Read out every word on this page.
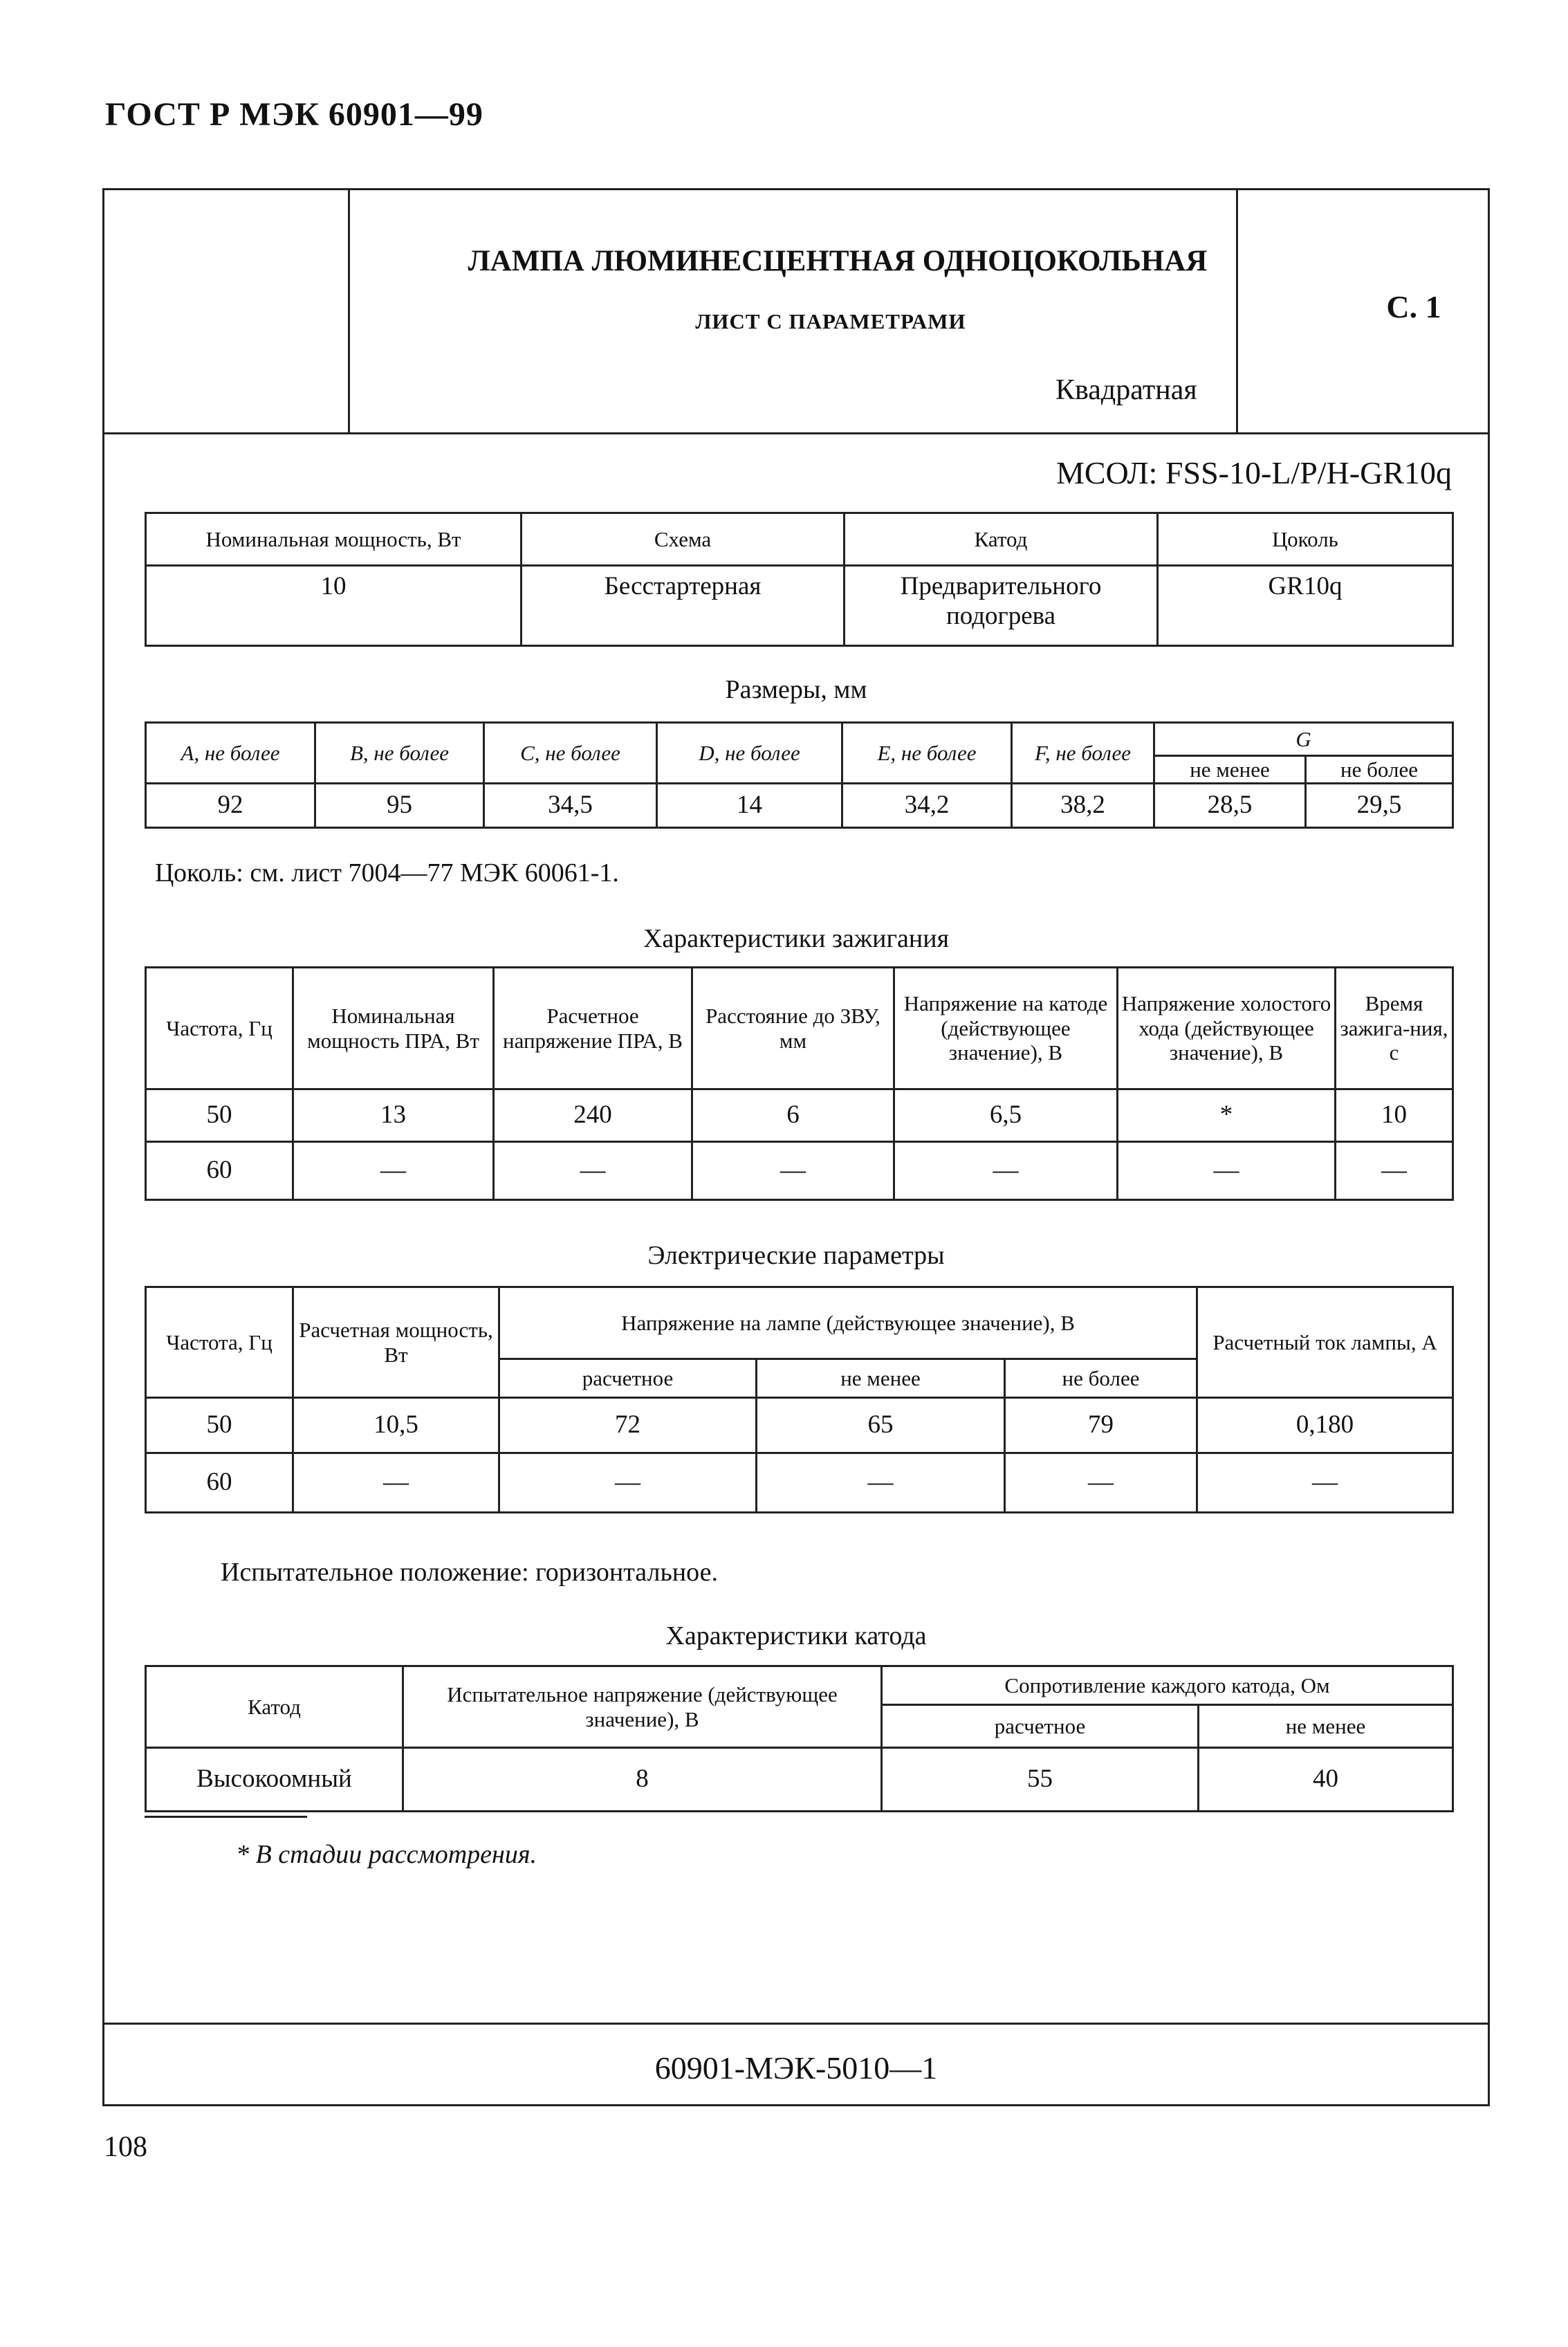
ГОСТ Р МЭК 60901—99
ЛАМПА ЛЮМИНЕСЦЕНТНАЯ ОДНОЦОКОЛЬНАЯ
ЛИСТ С ПАРАМЕТРАМИ
Квадратная
С. 1
МСОЛ: FSS-10-L/P/H-GR10q
Номинальная мощность, Вт	Схема	Катод	Цоколь
10	Бесстартерная	Предварительного подогрева	GR10q
Размеры, мм
A, не более	B, не более	C, не более	D, не более	E, не более	F, не более	G	
						не менее	не более
92	95	34,5	14	34,2	38,2	28,5	29,5
Цоколь: см. лист 7004—77 МЭК 60061-1.
Характеристики зажигания
Частота, Гц	Номинальная мощность ПРА, Вт	Расчетное напряжение ПРА, В	Расстояние до ЗВУ, мм	Напряжение на катоде (действующее значение), В	Напряжение холостого хода (действующее значение), В	Время зажига-ния, с
50	13	240	6	6,5	*	10
60	—	—	—	—	—	—
Электрические параметры
Частота, Гц	Расчетная мощность, Вт	Напряжение на лампе (действующее значение), В			Расчетный ток лампы, А
		расчетное	не менее	не более	
50	10,5	72	65	79	0,180
60	—	—	—	—	—
Испытательное положение: горизонтальное.
Характеристики катода
Катод	Испытательное напряжение (действующее значение), В	Сопротивление каждого катода, Ом	
		расчетное	не менее
Высокоомный	8	55	40
* В стадии рассмотрения.
60901-МЭК-5010—1
108
